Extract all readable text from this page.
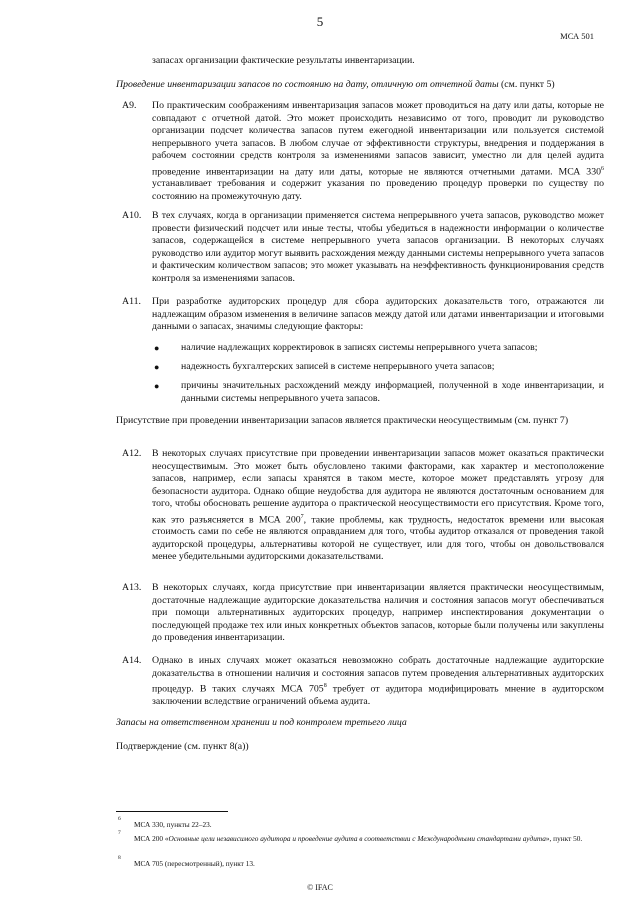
5
МСА 501
запасах организации фактические результаты инвентаризации.
Проведение инвентаризации запасов по состоянию на дату, отличную от отчетной даты (см. пункт 5)
A9. По практическим соображениям инвентаризация запасов может проводиться на дату или даты, которые не совпадают с отчетной датой. Это может происходить независимо от того, проводит ли руководство организации подсчет количества запасов путем ежегодной инвентаризации или пользуется системой непрерывного учета запасов. В любом случае от эффективности структуры, внедрения и поддержания в рабочем состоянии средств контроля за изменениями запасов зависит, уместно ли для целей аудита проведение инвентаризации на дату или даты, которые не являются отчетными датами. МСА $330^6$ устанавливает требования и содержит указания по проведению процедур проверки по существу по состоянию на промежуточную дату.
A10. В тех случаях, когда в организации применяется система непрерывного учета запасов, руководство может провести физический подсчет или иные тесты, чтобы убедиться в надежности информации о количестве запасов, содержащейся в системе непрерывного учета запасов организации. В некоторых случаях руководство или аудитор могут выявить расхождения между данными системы непрерывного учета запасов и фактическим количеством запасов; это может указывать на неэффективность функционирования средств контроля за изменениями запасов.
A11. При разработке аудиторских процедур для сбора аудиторских доказательств того, отражаются ли надлежащим образом изменения в величине запасов между датой или датами инвентаризации и итоговыми данными о запасах, значимы следующие факторы:
● наличие надлежащих корректировок в записях системы непрерывного учета запасов;
● надежность бухгалтерских записей в системе непрерывного учета запасов;
● причины значительных расхождений между информацией, полученной в ходе инвентаризации, и данными системы непрерывного учета запасов.
Присутствие при проведении инвентаризации запасов является практически неосуществимым (см. пункт 7)
A12. В некоторых случаях присутствие при проведении инвентаризации запасов может оказаться практически неосуществимым. Это может быть обусловлено такими факторами, как характер и местоположение запасов, например, если запасы хранятся в таком месте, которое может представлять угрозу для безопасности аудитора. Однако общие неудобства для аудитора не являются достаточным основанием для того, чтобы обосновать решение аудитора о практической неосуществимости его присутствия. Кроме того, как это разъясняется в МСА $200^7$, такие проблемы, как трудность, недостаток времени или высокая стоимость сами по себе не являются оправданием для того, чтобы аудитор отказался от проведения такой аудиторской процедуры, альтернативы которой не существует, или для того, чтобы он довольствовался менее убедительными аудиторскими доказательствами.
A13. В некоторых случаях, когда присутствие при инвентаризации является практически неосуществимым, достаточные надлежащие аудиторские доказательства наличия и состояния запасов могут обеспечиваться при помощи альтернативных аудиторских процедур, например инспектирования документации о последующей продаже тех или иных конкретных объектов запасов, которые были получены или закуплены до проведения инвентаризации.
A14. Однако в иных случаях может оказаться невозможно собрать достаточные надлежащие аудиторские доказательства в отношении наличия и состояния запасов путем проведения альтернативных аудиторских процедур. В таких случаях МСА $705^8$ требует от аудитора модифицировать мнение в аудиторском заключении вследствие ограничений объема аудита.
Запасы на ответственном хранении и под контролем третьего лица
Подтверждение (см. пункт 8(a))
6
МСА 330, пункты 22–23.
7
МСА 200 «Основные цели независимого аудитора и проведение аудита в соответствии с Международными стандартами аудита», пункт 50.
8
МСА 705 (пересмотренный), пункт 13.
© IFAC
